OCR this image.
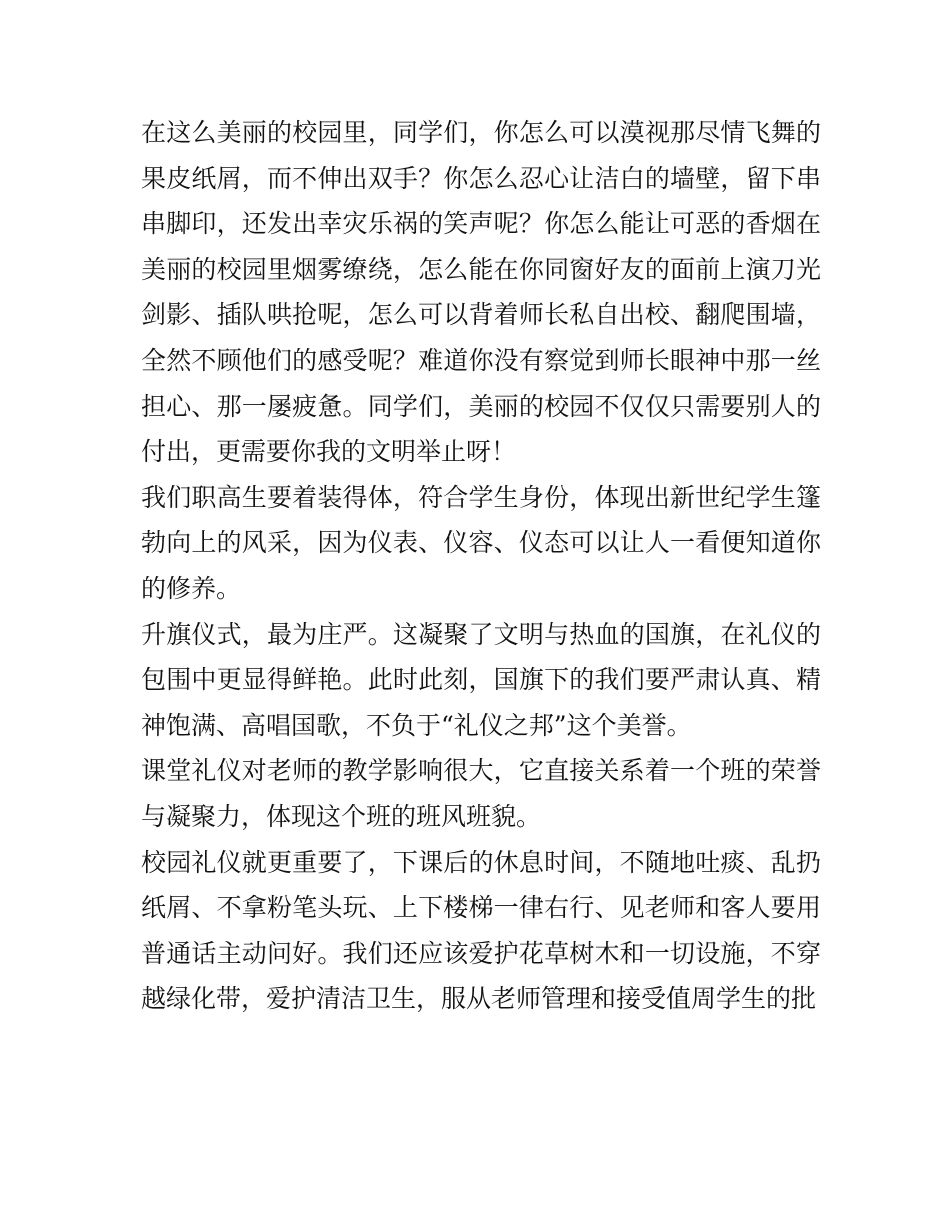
在这么美丽的校园里，同学们，你怎么可以漠视那尽情飞舞的果皮纸屑，而不伸出双手？你怎么忍心让洁白的墙壁，留下串串脚印，还发出幸灾乐祸的笑声呢？你怎么能让可恶的香烟在美丽的校园里烟雾缭绕，怎么能在你同窗好友的面前上演刀光剑影、插队哄抢呢，怎么可以背着师长私自出校、翻爬围墙，全然不顾他们的感受呢？难道你没有察觉到师长眼神中那一丝担心、那一屡疲惫。同学们，美丽的校园不仅仅只需要别人的付出，更需要你我的文明举止呀！

我们职高生要着装得体，符合学生身份，体现出新世纪学生篷勃向上的风采，因为仪表、仪容、仪态可以让人一看便知道你的修养。

升旗仪式，最为庄严。这凝聚了文明与热血的国旗，在礼仪的包围中更显得鲜艳。此时此刻，国旗下的我们要严肃认真、精神饱满、高唱国歌，不负于“礼仪之邦”这个美誉。

课堂礼仪对老师的教学影响很大，它直接关系着一个班的荣誉与凝聚力，体现这个班的班风班貌。

校园礼仪就更重要了，下课后的休息时间，不随地吐痰、乱扔纸屑、不拿粉笔头玩、上下楼梯一律右行、见老师和客人要用普通话主动问好。我们还应该爱护花草树木和一切设施，不穿越绿化带，爱护清洁卫生，服从老师管理和接受值周学生的批
